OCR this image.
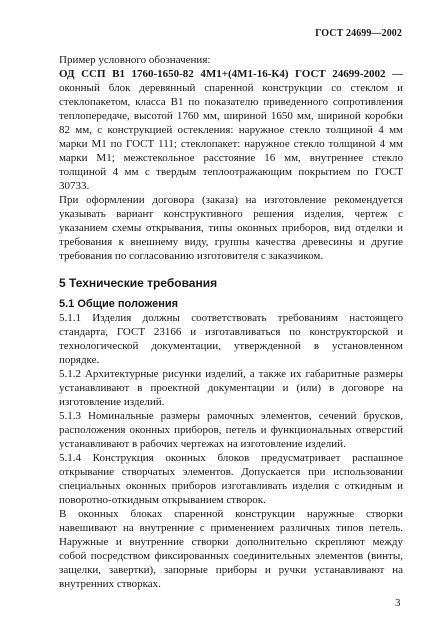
ГОСТ 24699—2002

Пример условного обозначения:

ОД ССП В1 1760-1650-82 4М1+(4М1-16-К4) ГОСТ 24699-2002 — оконный блок деревянный спаренной конструкции со стеклом и стеклопакетом, класса В1 по показателю приведенного сопротивления теплопередаче, высотой 1760 мм, шириной 1650 мм, шириной коробки 82 мм, с конструкцией остекления: наружное стекло толщиной 4 мм марки М1 по ГОСТ 111; стеклопакет: наружное стекло толщиной 4 мм марки М1; межстекольное расстояние 16 мм, внутреннее стекло толщиной 4 мм с твердым теплоотражающим покрытием по ГОСТ 30733.

При оформлении договора (заказа) на изготовление рекомендуется указывать вариант конструктивного решения изделия, чертеж с указанием схемы открывания, типы оконных приборов, вид отделки и требования к внешнему виду, группы качества древесины и другие требования по согласованию изготовителя с заказчиком.

5 Технические требования
5.1 Общие положения

5.1.1 Изделия должны соответствовать требованиям настоящего стандарта, ГОСТ 23166 и изготавливаться по конструкторской и технологической документации, утвержденной в установленном порядке.

5.1.2 Архитектурные рисунки изделий, а также их габаритные размеры устанавливают в проектной документации и (или) в договоре на изготовление изделий.

5.1.3 Номинальные размеры рамочных элементов, сечений брусков, расположения оконных приборов, петель и функциональных отверстий устанавливают в рабочих чертежах на изготовление изделий.

5.1.4 Конструкция оконных блоков предусматривает распашное открывание створчатых элементов. Допускается при использовании специальных оконных приборов изготавливать изделия с откидным и поворотно-откидным открыванием створок.

В оконных блоках спаренной конструкции наружные створки навешивают на внутренние с применением различных типов петель. Наружные и внутренние створки дополнительно скрепляют между собой посредством фиксированных соединительных элементов (винты, защелки, завертки), запорные приборы и ручки устанавливают на внутренних створках.

3
